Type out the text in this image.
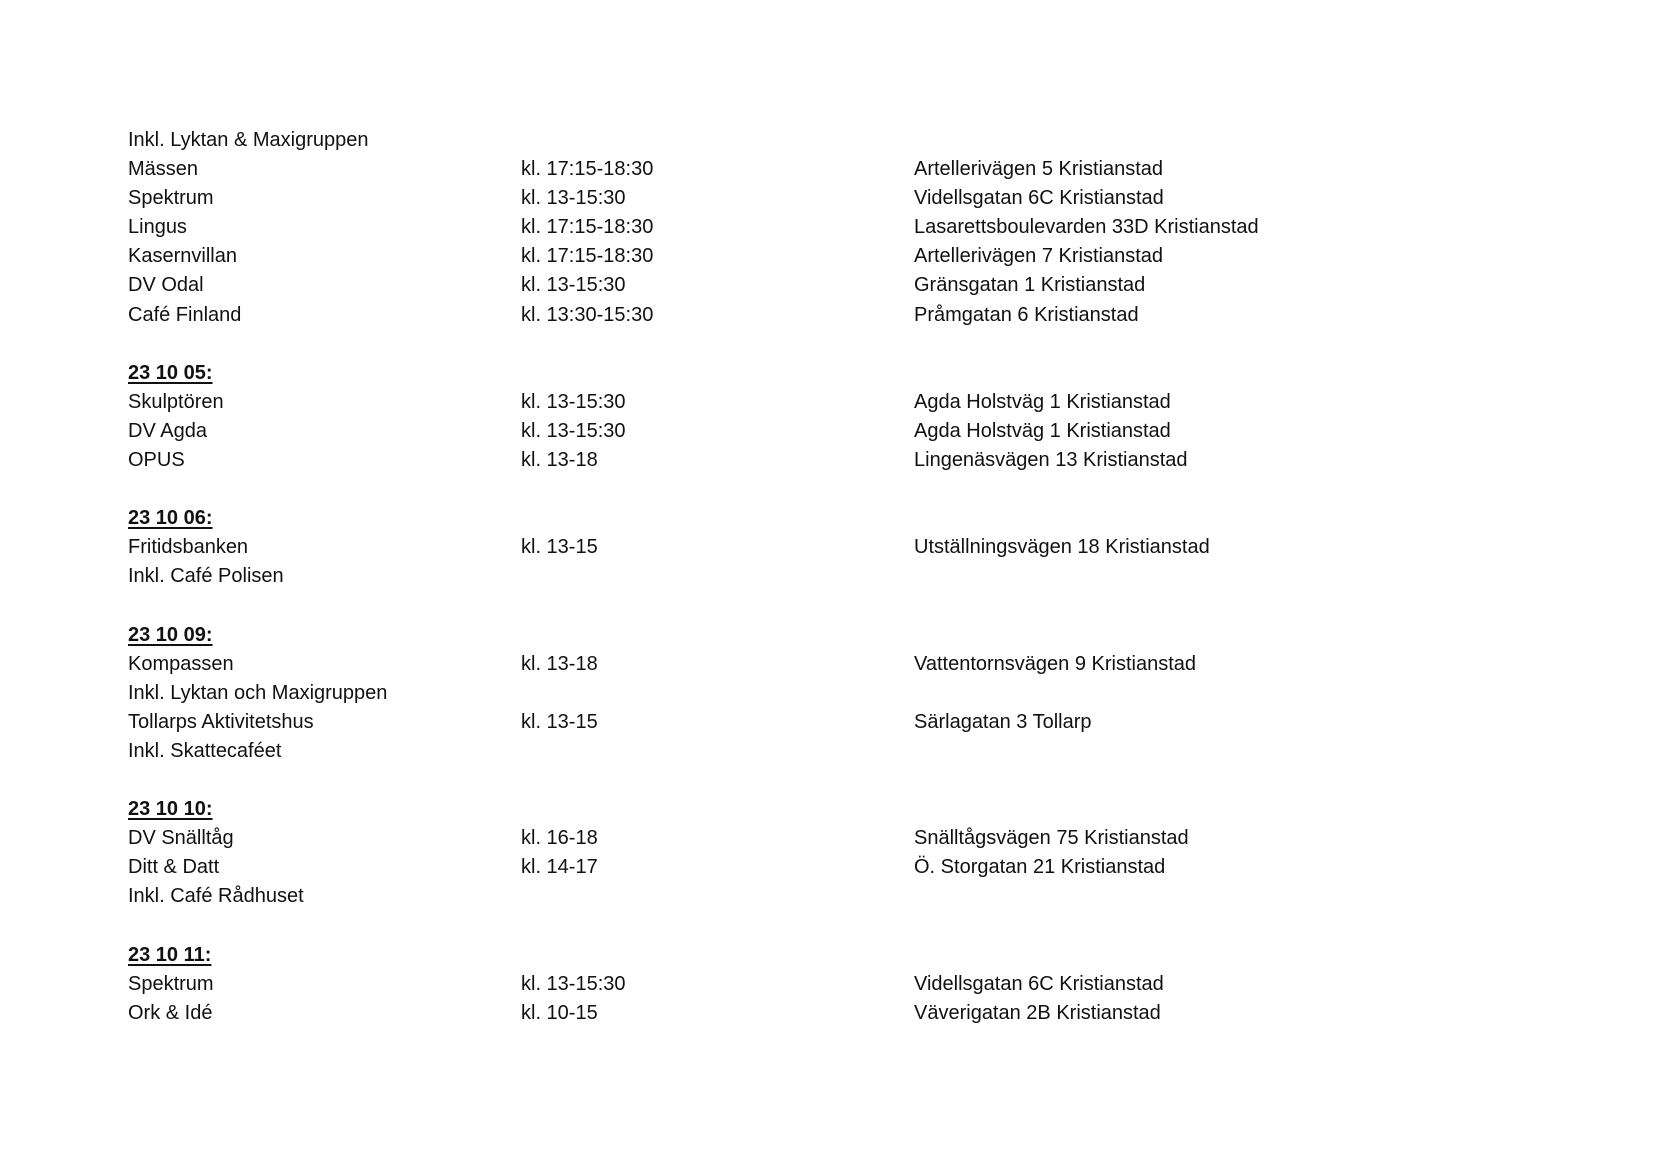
Inkl. Lyktan & Maxigruppen
Mässen	kl. 17:15-18:30	Artellerivägen 5 Kristianstad
Spektrum	kl. 13-15:30	Videllsgatan 6C Kristianstad
Lingus	kl. 17:15-18:30	Lasarettsboulevarden 33D Kristianstad
Kasernvillan	kl. 17:15-18:30	Artellerivägen 7 Kristianstad
DV Odal	kl. 13-15:30	Gränsgatan 1 Kristianstad
Café Finland	kl. 13:30-15:30	Pråmgatan 6 Kristianstad
23 10 05:
Skulptören	kl. 13-15:30	Agda Holstväg 1 Kristianstad
DV Agda	kl. 13-15:30	Agda Holstväg 1 Kristianstad
OPUS	kl. 13-18	Lingenäsvägen 13 Kristianstad
23 10 06:
Fritidsbanken	kl. 13-15	Utställningsvägen 18 Kristianstad
Inkl. Café Polisen
23 10 09:
Kompassen	kl. 13-18	Vattentornsvägen 9 Kristianstad
Inkl. Lyktan och Maxigruppen
Tollarps Aktivitetshus	kl. 13-15	Särlagatan 3 Tollarp
Inkl. Skattecaféet
23 10 10:
DV Snälltåg	kl. 16-18	Snälltågsvägen 75 Kristianstad
Ditt & Datt	kl. 14-17	Ö. Storgatan 21 Kristianstad
Inkl. Café Rådhuset
23 10 11:
Spektrum	kl. 13-15:30	Videllsgatan 6C Kristianstad
Ork & Idé	kl. 10-15	Väverigatan 2B Kristianstad
